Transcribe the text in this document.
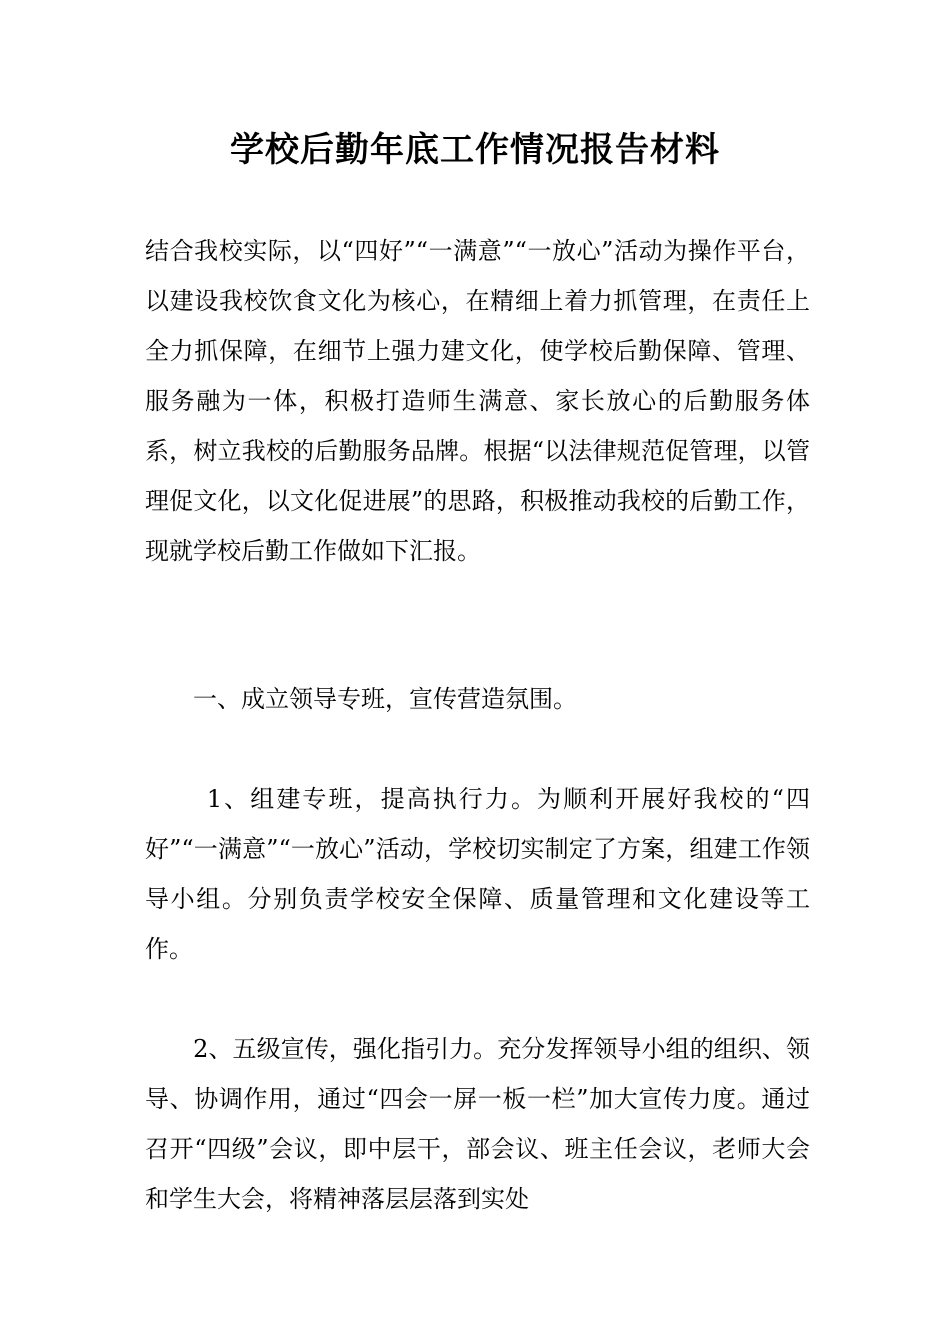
学校后勤年底工作情况报告材料

结合我校实际，以“四好”“一满意”“一放心”活动为操作平台，以建设我校饮食文化为核心，在精细上着力抓管理，在责任上全力抓保障，在细节上强力建文化，使学校后勤保障、管理、服务融为一体，积极打造师生满意、家长放心的后勤服务体系，树立我校的后勤服务品牌。根据“以法律规范促管理，以管理促文化，以文化促进展”的思路，积极推动我校的后勤工作，现就学校后勤工作做如下汇报。

　　一、成立领导专班，宣传营造氛围。

　　 1、组建专班，提高执行力。为顺利开展好我校的“四好”“一满意”“一放心”活动，学校切实制定了方案，组建工作领导小组。分别负责学校安全保障、质量管理和文化建设等工作。

　　2、五级宣传，强化指引力。充分发挥领导小组的组织、领导、协调作用，通过“四会一屏一板一栏”加大宣传力度。通过召开“四级”会议，即中层干，部会议、班主任会议，老师大会和学生大会，将精神落层层落到实处
